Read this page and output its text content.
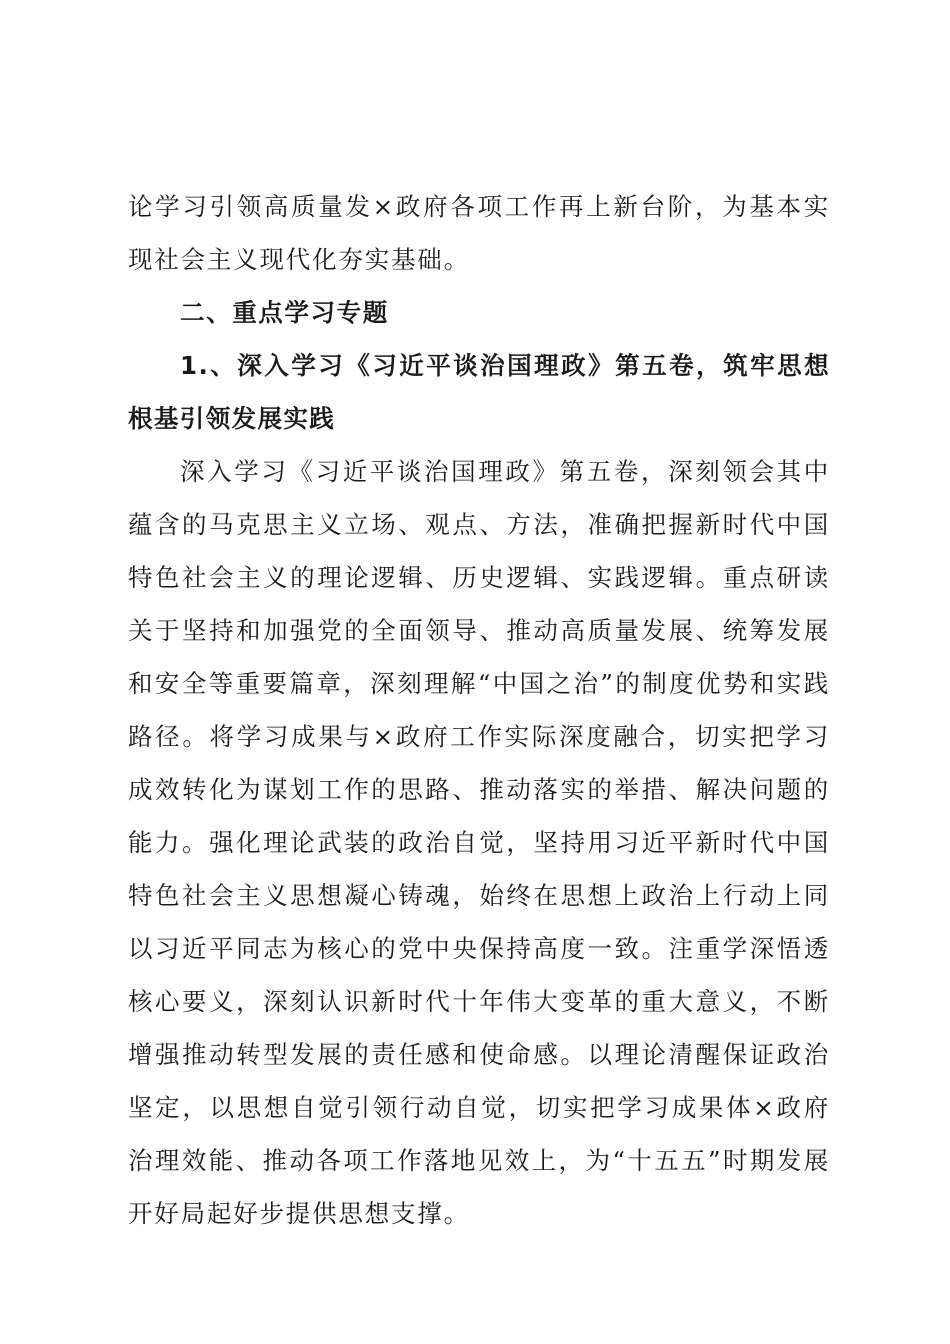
论学习引领高质量发×政府各项工作再上新台阶，为基本实现社会主义现代化夯实基础。

二、重点学习专题

1.、深入学习《习近平谈治国理政》第五卷，筑牢思想根基引领发展实践

深入学习《习近平谈治国理政》第五卷，深刻领会其中蕴含的马克思主义立场、观点、方法，准确把握新时代中国特色社会主义的理论逻辑、历史逻辑、实践逻辑。重点研读关于坚持和加强党的全面领导、推动高质量发展、统筹发展和安全等重要篇章，深刻理解“中国之治”的制度优势和实践路径。将学习成果与×政府工作实际深度融合，切实把学习成效转化为谋划工作的思路、推动落实的举措、解决问题的能力。强化理论武装的政治自觉，坚持用习近平新时代中国特色社会主义思想凝心铸魂，始终在思想上政治上行动上同以习近平同志为核心的党中央保持高度一致。注重学深悟透核心要义，深刻认识新时代十年伟大变革的重大意义，不断增强推动转型发展的责任感和使命感。以理论清醒保证政治坚定，以思想自觉引领行动自觉，切实把学习成果体×政府治理效能、推动各项工作落地见效上，为“十五五”时期发展开好局起好步提供思想支撑。
